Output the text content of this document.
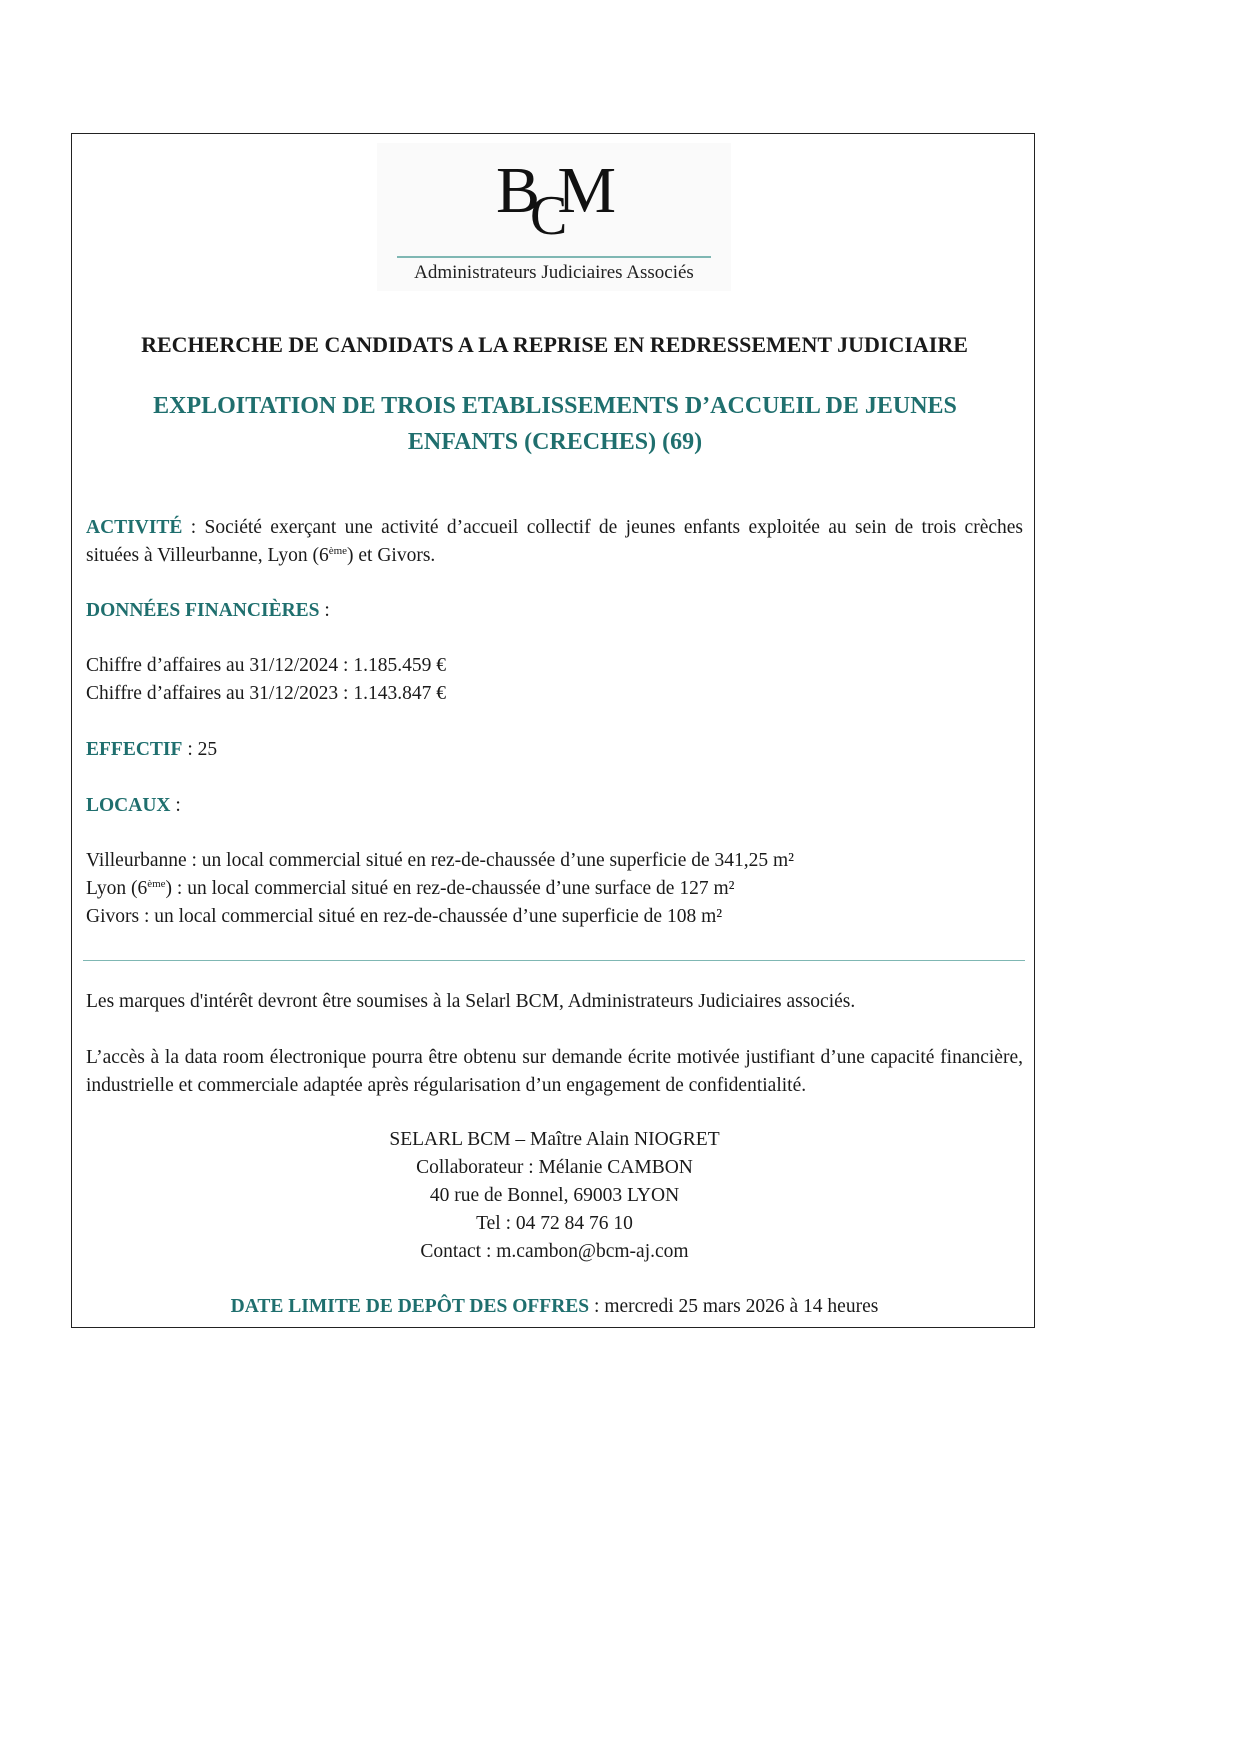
$B_CM$
Administrateurs Judiciaires Associés
RECHERCHE DE CANDIDATS A LA REPRISE EN REDRESSEMENT JUDICIAIRE
EXPLOITATION DE TROIS ETABLISSEMENTS D’ACCUEIL DE JEUNES ENFANTS (CRECHES) (69)
ACTIVITÉ : Société exerçant une activité d’accueil collectif de jeunes enfants exploitée au sein de trois crèches situées à Villeurbanne, Lyon (6ème) et Givors.
DONNÉES FINANCIÈRES :
Chiffre d’affaires au 31/12/2024 : 1.185.459 €
Chiffre d’affaires au 31/12/2023 : 1.143.847 €
EFFECTIF : 25
LOCAUX :
Villeurbanne : un local commercial situé en rez-de-chaussée d’une superficie de 341,25 m²
Lyon (6ème) : un local commercial situé en rez-de-chaussée d’une surface de 127 m²
Givors : un local commercial situé en rez-de-chaussée d’une superficie de 108 m²
Les marques d'intérêt devront être soumises à la Selarl BCM, Administrateurs Judiciaires associés.
L’accès à la data room électronique pourra être obtenu sur demande écrite motivée justifiant d’une capacité financière, industrielle et commerciale adaptée après régularisation d’un engagement de confidentialité.
SELARL BCM – Maître Alain NIOGRET
Collaborateur : Mélanie CAMBON
40 rue de Bonnel, 69003 LYON
Tel : 04 72 84 76 10
Contact : m.cambon@bcm-aj.com
DATE LIMITE DE DEPÔT DES OFFRES : mercredi 25 mars 2026 à 14 heures
